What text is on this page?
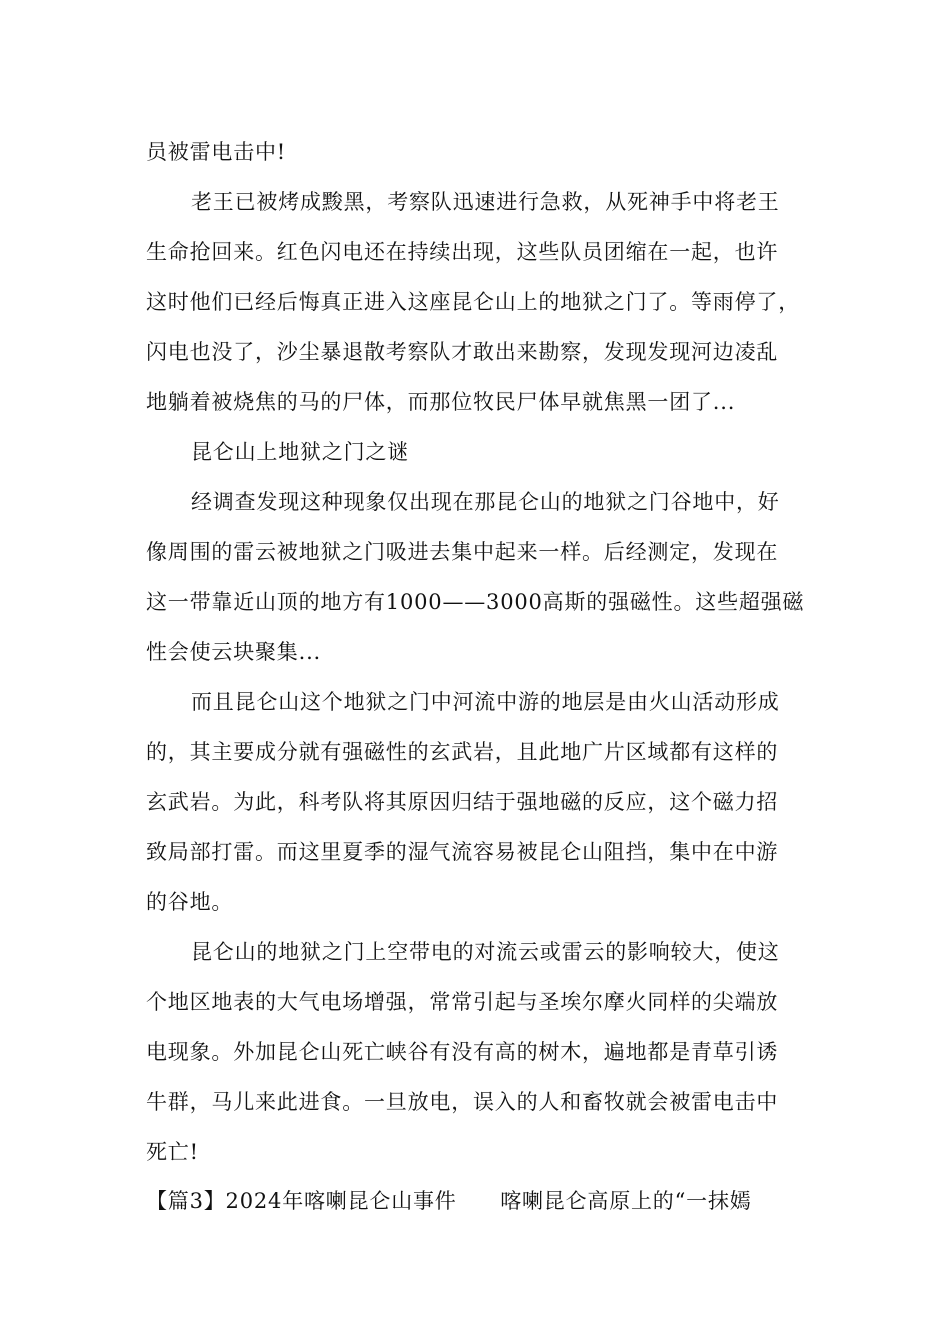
员被雷电击中!
老王已被烤成黢黑，考察队迅速进行急救，从死神手中将老王
生命抢回来。红色闪电还在持续出现，这些队员团缩在一起，也许
这时他们已经后悔真正进入这座昆仑山上的地狱之门了。等雨停了，
闪电也没了，沙尘暴退散考察队才敢出来勘察，发现发现河边凌乱
地躺着被烧焦的马的尸体，而那位牧民尸体早就焦黑一团了...
昆仑山上地狱之门之谜
经调查发现这种现象仅出现在那昆仑山的地狱之门谷地中，好
像周围的雷云被地狱之门吸进去集中起来一样。后经测定，发现在
这一带靠近山顶的地方有1000——3000高斯的强磁性。这些超强磁
性会使云块聚集...
而且昆仑山这个地狱之门中河流中游的地层是由火山活动形成
的，其主要成分就有强磁性的玄武岩，且此地广片区域都有这样的
玄武岩。为此，科考队将其原因归结于强地磁的反应，这个磁力招
致局部打雷。而这里夏季的湿气流容易被昆仑山阻挡，集中在中游
的谷地。
昆仑山的地狱之门上空带电的对流云或雷云的影响较大，使这
个地区地表的大气电场增强，常常引起与圣埃尔摩火同样的尖端放
电现象。外加昆仑山死亡峡谷有没有高的树木，遍地都是青草引诱
牛群，马儿来此进食。一旦放电，误入的人和畜牧就会被雷电击中
死亡!
【篇3】2024年喀喇昆仑山事件　　喀喇昆仑高原上的“一抹嫣
